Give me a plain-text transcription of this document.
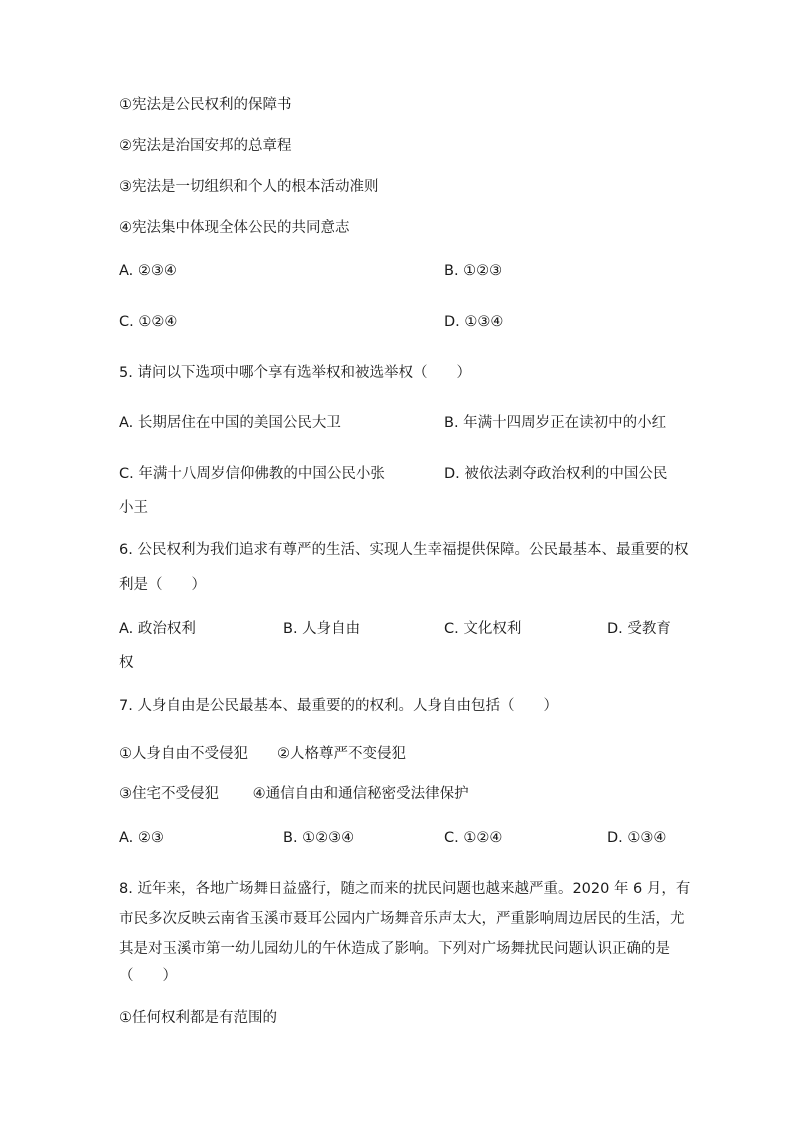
①宪法是公民权利的保障书
②宪法是治国安邦的总章程
③宪法是一切组织和个人的根本活动准则
④宪法集中体现全体公民的共同意志
A. ②③④	B. ①②③
C. ①②④	D. ①③④
5. 请问以下选项中哪个享有选举权和被选举权（　　）
A. 长期居住在中国的美国公民大卫	B. 年满十四周岁正在读初中的小红
C. 年满十八周岁信仰佛教的中国公民小张	D. 被依法剥夺政治权利的中国公民
小王
6. 公民权利为我们追求有尊严的生活、实现人生幸福提供保障。公民最基本、最重要的权
利是（　　）
A. 政治权利	B. 人身自由	C. 文化权利	D. 受教育
权
7. 人身自由是公民最基本、最重要的的权利。人身自由包括（　　）
①人身自由不受侵犯　　②人格尊严不变侵犯
③住宅不受侵犯　　 ④通信自由和通信秘密受法律保护
A. ②③	B. ①②③④	C. ①②④	D. ①③④
8. 近年来，各地广场舞日益盛行，随之而来的扰民问题也越来越严重。2020 年 6 月，有
市民多次反映云南省玉溪市聂耳公园内广场舞音乐声太大，严重影响周边居民的生活，尤
其是对玉溪市第一幼儿园幼儿的午休造成了影响。下列对广场舞扰民问题认识正确的是
（　　）
①任何权利都是有范围的
